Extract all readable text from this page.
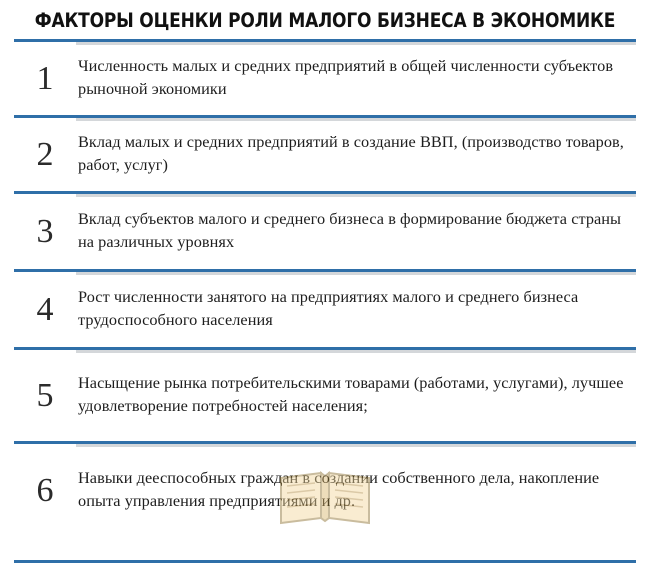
ФАКТОРЫ ОЦЕНКИ РОЛИ МАЛОГО БИЗНЕСА В ЭКОНОМИКЕ
1	Численность малых и средних предприятий в общей численности субъектов рыночной экономики
2	Вклад малых и средних предприятий в создание ВВП, (производство товаров, работ, услуг)
3	Вклад субъектов малого и среднего бизнеса в формирование бюджета страны на различных уровнях
4	Рост численности занятого на предприятиях малого и среднего бизнеса трудоспособного населения
5	Насыщение рынка потребительскими товарами (работами, услугами), лучшее удовлетворение потребностей населения;
6	Навыки дееспособных граждан в создании собственного дела, накопление опыта управления предприятиями и др.
